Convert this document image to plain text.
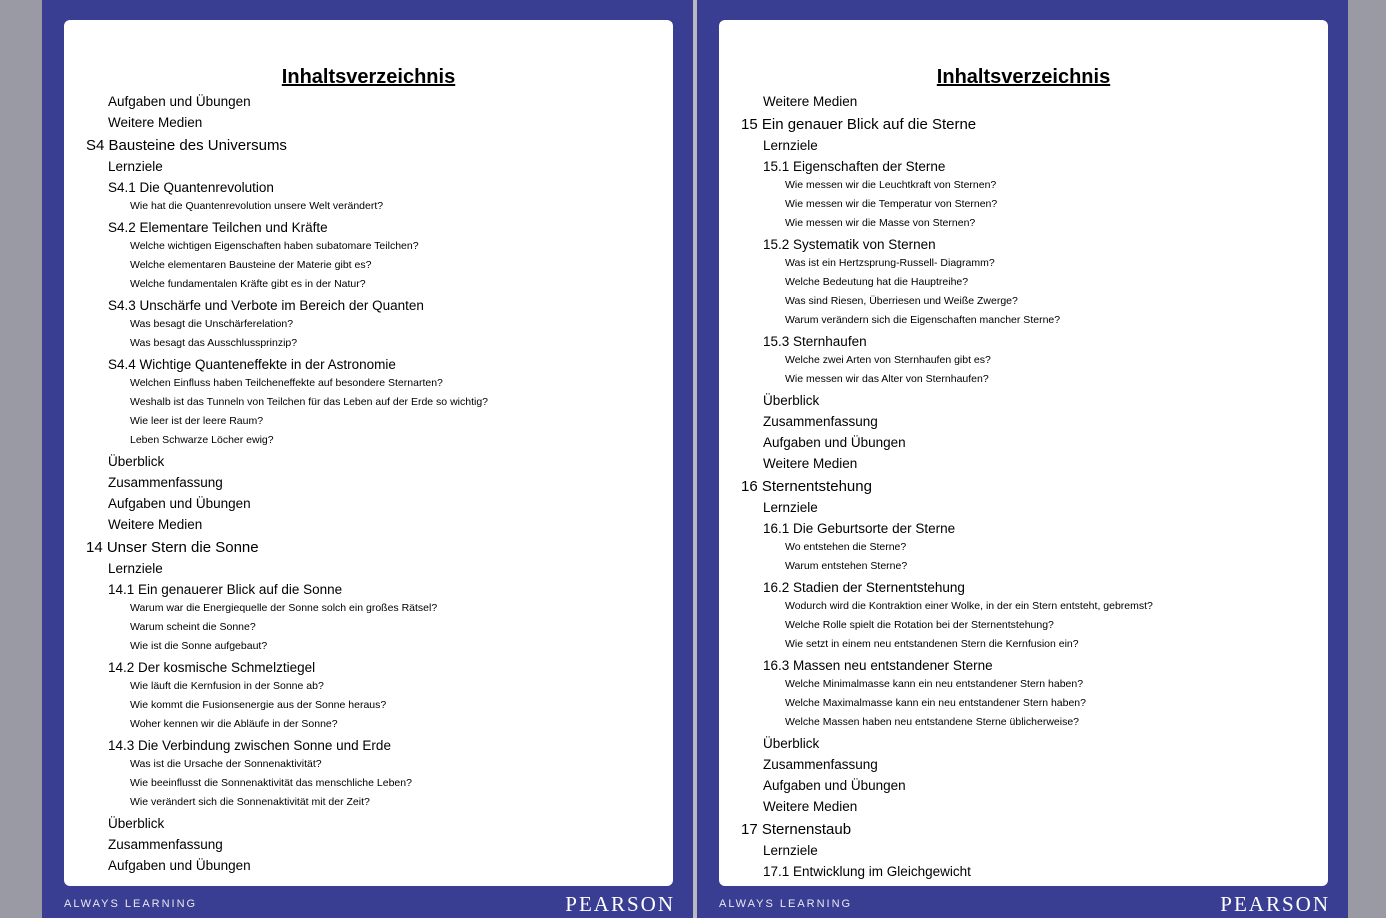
Inhaltsverzeichnis
Aufgaben und Übungen
Weitere Medien
S4 Bausteine des Universums
Lernziele
S4.1 Die Quantenrevolution
Wie hat die Quantenrevolution unsere Welt verändert?
S4.2 Elementare Teilchen und Kräfte
Welche wichtigen Eigenschaften haben subatomare Teilchen?
Welche elementaren Bausteine der Materie gibt es?
Welche fundamentalen Kräfte gibt es in der Natur?
S4.3 Unschärfe und Verbote im Bereich der Quanten
Was besagt die Unschärferelation?
Was besagt das Ausschlussprinzip?
S4.4 Wichtige Quanteneffekte in der Astronomie
Welchen Einfluss haben Teilcheneffekte auf besondere Sternarten?
Weshalb ist das Tunneln von Teilchen für das Leben auf der Erde so wichtig?
Wie leer ist der leere Raum?
Leben Schwarze Löcher ewig?
Überblick
Zusammenfassung
Aufgaben und Übungen
Weitere Medien
14 Unser Stern die Sonne
Lernziele
14.1 Ein genauerer Blick auf die Sonne
Warum war die Energiequelle der Sonne solch ein großes Rätsel?
Warum scheint die Sonne?
Wie ist die Sonne aufgebaut?
14.2 Der kosmische Schmelztiegel
Wie läuft die Kernfusion in der Sonne ab?
Wie kommt die Fusionsenergie aus der Sonne heraus?
Woher kennen wir die Abläufe in der Sonne?
14.3 Die Verbindung zwischen Sonne und Erde
Was ist die Ursache der Sonnenaktivität?
Wie beeinflusst die Sonnenaktivität das menschliche Leben?
Wie verändert sich die Sonnenaktivität mit der Zeit?
Überblick
Zusammenfassung
Aufgaben und Übungen
ALWAYS LEARNING	PEARSON
Inhaltsverzeichnis
Weitere Medien
15 Ein genauer Blick auf die Sterne
Lernziele
15.1 Eigenschaften der Sterne
Wie messen wir die Leuchtkraft von Sternen?
Wie messen wir die Temperatur von Sternen?
Wie messen wir die Masse von Sternen?
15.2 Systematik von Sternen
Was ist ein Hertzsprung-Russell- Diagramm?
Welche Bedeutung hat die Hauptreihe?
Was sind Riesen, Überriesen und Weiße Zwerge?
Warum verändern sich die Eigenschaften mancher Sterne?
15.3 Sternhaufen
Welche zwei Arten von Sternhaufen gibt es?
Wie messen wir das Alter von Sternhaufen?
Überblick
Zusammenfassung
Aufgaben und Übungen
Weitere Medien
16 Sternentstehung
Lernziele
16.1 Die Geburtsorte der Sterne
Wo entstehen die Sterne?
Warum entstehen Sterne?
16.2 Stadien der Sternentstehung
Wodurch wird die Kontraktion einer Wolke, in der ein Stern entsteht, gebremst?
Welche Rolle spielt die Rotation bei der Sternentstehung?
Wie setzt in einem neu entstandenen Stern die Kernfusion ein?
16.3 Massen neu entstandener Sterne
Welche Minimalmasse kann ein neu entstandener Stern haben?
Welche Maximalmasse kann ein neu entstandener Stern haben?
Welche Massen haben neu entstandene Sterne üblicherweise?
Überblick
Zusammenfassung
Aufgaben und Übungen
Weitere Medien
17 Sternenstaub
Lernziele
17.1 Entwicklung im Gleichgewicht
ALWAYS LEARNING	PEARSON
